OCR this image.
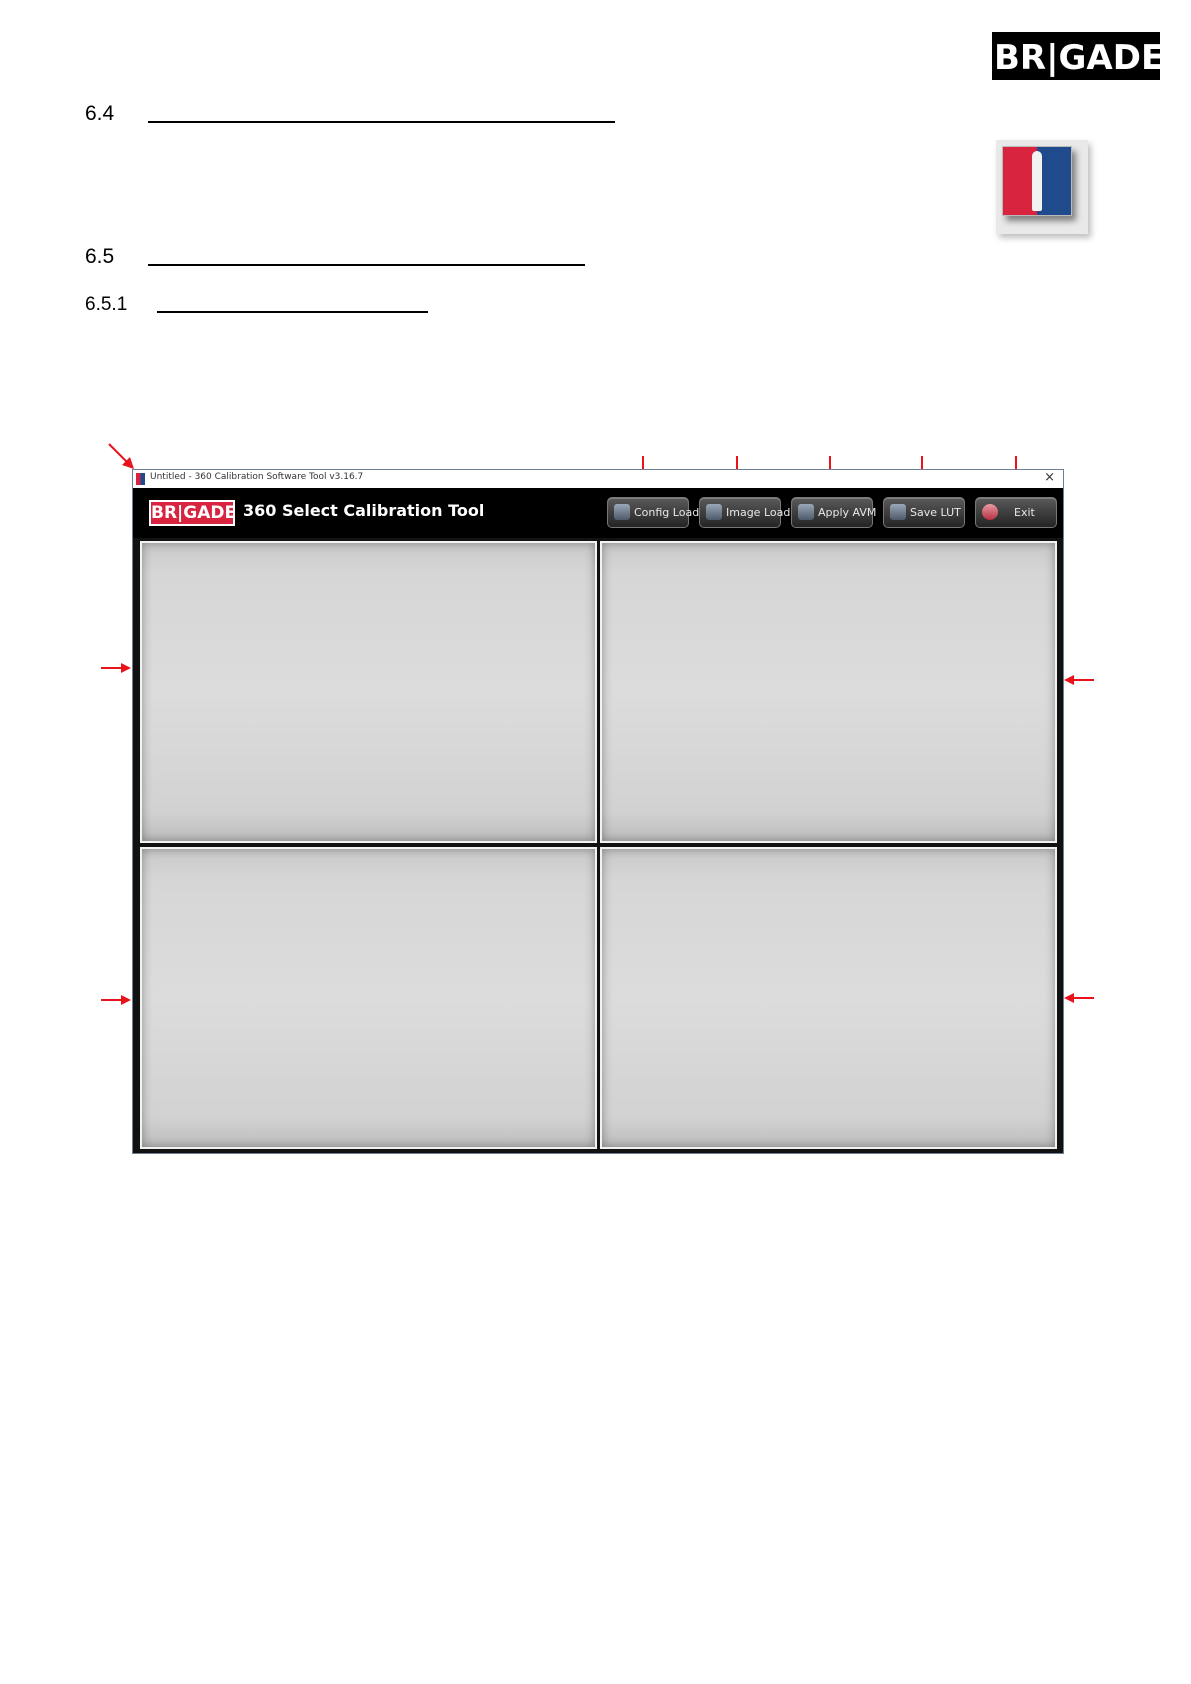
BR|GADE®
6.4
6.5
6.5.1
Untitled - 360 Calibration Software Tool v3.16.7	×
BR|GADE 360 Select Calibration Tool	Config Load Image Load	Apply AVM	Save LUT	Exit
